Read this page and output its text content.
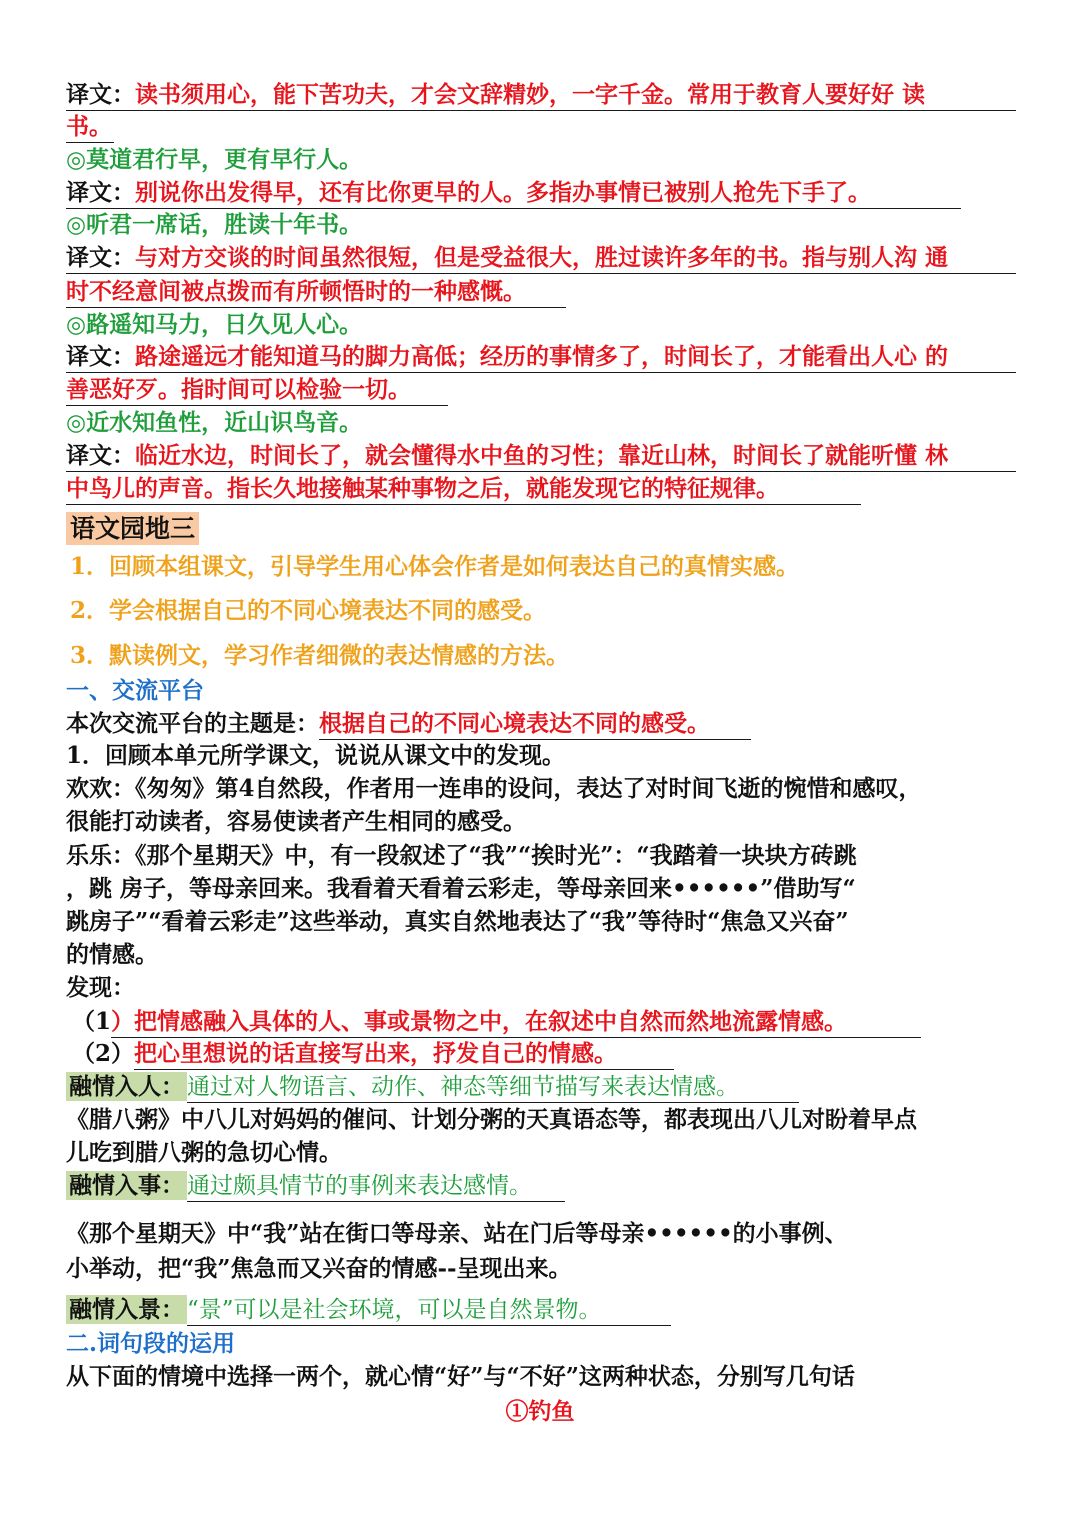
译文：读书须用心，能下苦功夫，才会文辞精妙，一字千金。常用于教育人要好好 读
书。
◎莫道君行早，更有早行人。
译文：别说你出发得早，还有比你更早的人。多指办事情已被别人抢先下手了。
◎听君一席话，胜读十年书。
译文：与对方交谈的时间虽然很短，但是受益很大，胜过读许多年的书。指与别人沟 通
时不经意间被点拨而有所顿悟时的一种感慨。
◎路遥知马力，日久见人心。
译文：路途遥远才能知道马的脚力高低；经历的事情多了，时间长了，才能看出人心 的
善恶好歹。指时间可以检验一切。
◎近水知鱼性，近山识鸟音。
译文：临近水边，时间长了，就会懂得水中鱼的习性；靠近山林，时间长了就能听懂 林
中鸟儿的声音。指长久地接触某种事物之后，就能发现它的特征规律。
语文园地三
1．回顾本组课文，引导学生用心体会作者是如何表达自己的真情实感。
2．学会根据自己的不同心境表达不同的感受。
3．默读例文，学习作者细微的表达情感的方法。
一、交流平台
本次交流平台的主题是：根据自己的不同心境表达不同的感受。
1．回顾本单元所学课文，说说从课文中的发现。
欢欢：《匆匆》第4自然段，作者用一连串的设问，表达了对时间飞逝的惋惜和感叹，
很能打动读者，容易使读者产生相同的感受。
乐乐：《那个星期天》中，有一段叙述了“我”“挨时光”：“我踏着一块块方砖跳
，跳 房子，等母亲回来。我看着天看着云彩走，等母亲回来••••••”借助写“
跳房子”“看着云彩走”这些举动，真实自然地表达了“我”等待时“焦急又兴奋”
的情感。
发现：
（1）把情感融入具体的人、事或景物之中，在叙述中自然而然地流露情感。
（2）把心里想说的话直接写出来，抒发自己的情感。
融情入人： 通过对人物语言、动作、神态等细节描写来表达情感。
《腊八粥》中八儿对妈妈的催问、计划分粥的天真语态等，都表现出八儿对盼着早点
儿吃到腊八粥的急切心情。
融情入事： 通过颇具情节的事例来表达感情。
《那个星期天》中“我”站在街口等母亲、站在门后等母亲••••••的小事例、
小举动，把“我”焦急而又兴奋的情感--呈现出来。
融情入景： “景”可以是社会环境，可以是自然景物。
二.词句段的运用
从下面的情境中选择一两个，就心情“好”与“不好”这两种状态，分别写几句话
①钓鱼
